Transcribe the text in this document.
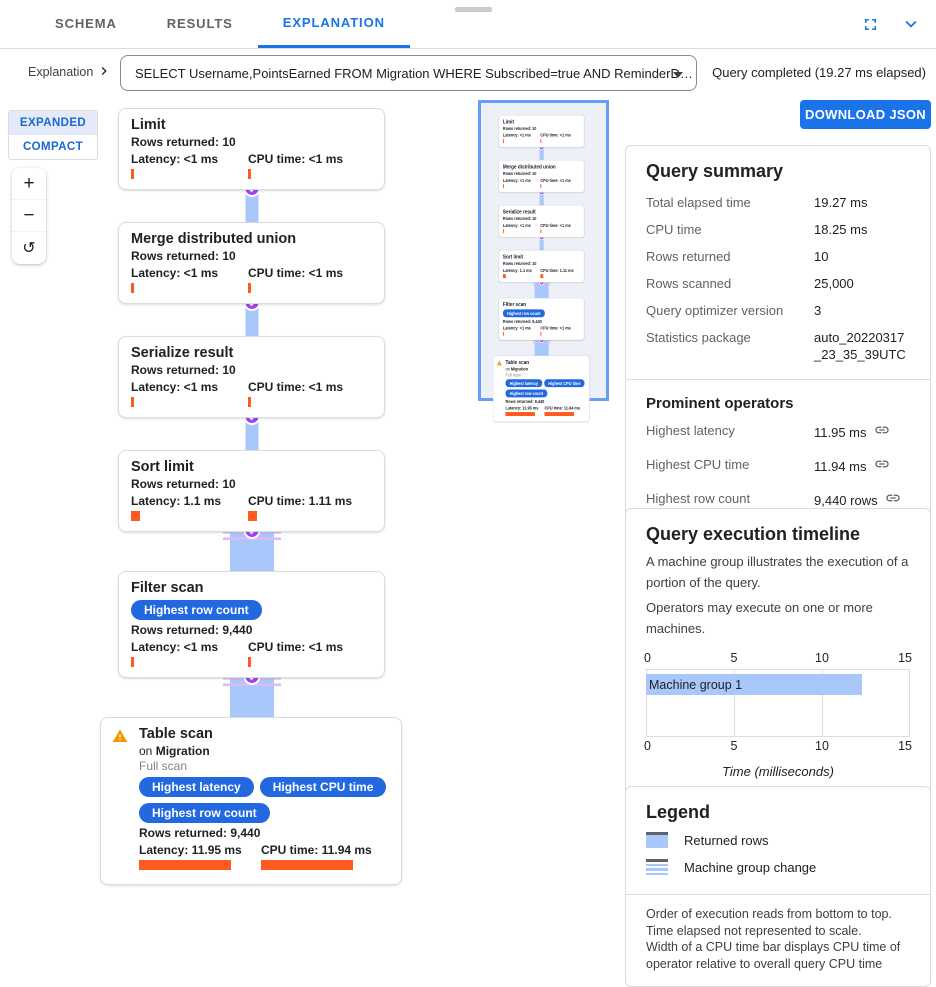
SCHEMA	RESULTS	EXPLANATION
Explanation	SELECT Username,PointsEarned FROM Migration WHERE Subscribed=true AND ReminderD… Query completed (19.27 ms elapsed)
EXPANDED
COMPACT
+
−
↺
Limit
Rows returned: 10
Latency: <1 ms	CPU time: <1 ms
Merge distributed union
Rows returned: 10
Latency: <1 ms	CPU time: <1 ms
Serialize result
Rows returned: 10
Latency: <1 ms	CPU time: <1 ms
Sort limit
Rows returned: 10
Latency: 1.1 ms	CPU time: 1.11 ms
Filter scan
Highest row count
Rows returned: 9,440
Latency: <1 ms	CPU time: <1 ms
Table scan
on Migration
Full scan
Highest latency	Highest CPU time
Highest row count
Rows returned: 9,440
Latency: 11.95 ms	CPU time: 11.94 ms
Limit
Rows returned: 10
Latency: <1 ms CPU time: <1 ms
Merge distributed union
Rows returned: 10
Latency: <1 ms CPU time: <1 ms
Serialize result
Rows returned: 10
Latency: <1 ms CPU time: <1 ms
Sort limit
Rows returned: 10
Latency: 1.1 ms CPU time: 1.11 ms
Filter scan
Highest row count
Rows returned: 9,440
Latency: <1 ms CPU time: <1 ms
Table scan
on Migration
Full scan
Highest latency Highest CPU time
Highest row count
Rows returned: 9,440
Latency: 11.95 ms CPU time: 11.94 ms
DOWNLOAD JSON
Query summary
Total elapsed time	19.27 ms
CPU time	18.25 ms
Rows returned	10
Rows scanned	25,000
Query optimizer version	3
Statistics package	auto_20220317_23_35_39UTC
Prominent operators
Highest latency	11.95 ms
Highest CPU time	11.94 ms
Highest row count	9,440 rows
Query execution timeline
A machine group illustrates the execution of a portion of the query.
Operators may execute on one or more machines.
0	5	10	15
Machine group 1
0	5	10	15
Time (milliseconds)
Legend
Returned rows
Machine group change
Order of execution reads from bottom to top.
Time elapsed not represented to scale.
Width of a CPU time bar displays CPU time of operator relative to overall query CPU time
